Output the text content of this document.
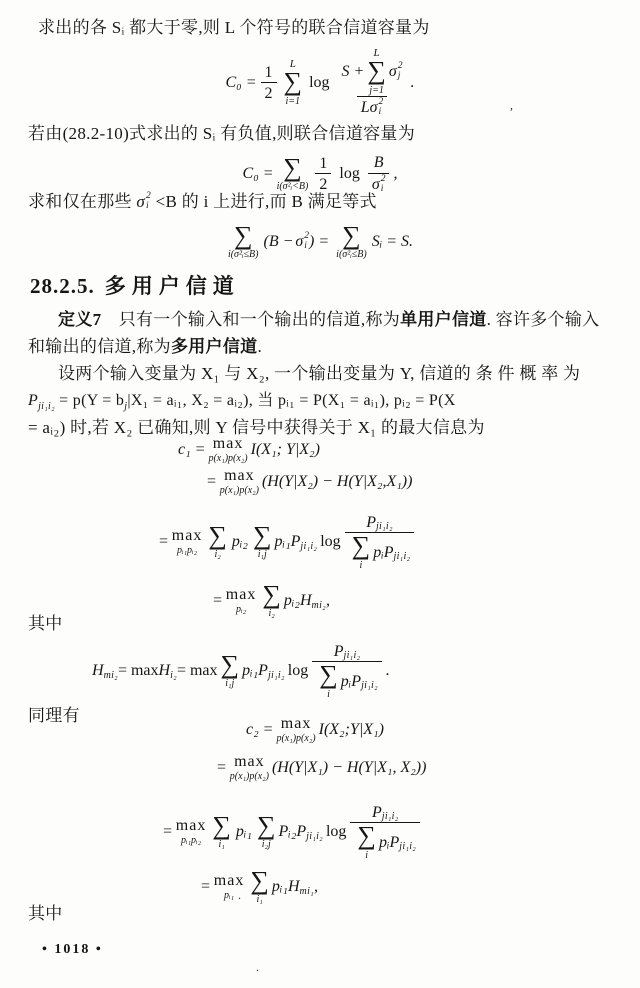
求出的各 Sᵢ 都大于零,则 L 个符号的联合信道容量为
$C_0 = \frac{1}{2}$ L
∑
i=1
log
S +
L
∑
j=1
σ 2
j
L σ 2
i
.
,
若由(28.2-10)式求出的 Sᵢ 有负值,则联合信道容量为
C₀ = ∑
i(σ²ᵢ<B) $\frac{1}{2}$ log B
σ 2
i ,
求和仅在那些 σ 2
i <B 的 i 上进行,而 B 满足等式
∑
i(σ²ᵢ≤B)
(B − σ 2
i ) = ∑
i(σ²ᵢ≤B)
Sᵢ = S.
28.2.5. 多用户信道
定义7　只有一个输入和一个输出的信道,称为单用户信道. 容许多个输入
和输出的信道,称为多用户信道.
设两个输入变量为 X₁ 与 X₂, 一个输出变量为 Y, 信道的 条 件 概 率 为
$P_{ji_1i_2} = p(Y = b_j|X_1$ = aᵢ₁, X₂ = aᵢ₂), 当 pᵢ₁ = P(X₁ = aᵢ₁), pᵢ₂ = P(X
= aᵢ₂) 时,若 X₂ 已确知,则 Y 信号中获得关于 X₁ 的最大信息为
c₁ = max
p(x₁)p(x₂)
I(X₁; Y|X₂)
= max
p(x₁)p(x₂)
(H(Y|X₂) − H(Y|X₂,X₁))
= max
pᵢ₁pᵢ₂
∑
i₂
pᵢ₂ ∑
i₁j
pᵢ₁P ji₁i₂ log P ji₁i₂
∑
i
pᵢP ji₁i₂
= max
pᵢ₂
∑
i₂
pᵢ₂H mi₂ ,
其中
H mi₂ = max H i₂ = max ∑
i₁j
pᵢ₁P ji₁i₂ log P ji₁i₂
∑
i
pᵢP ji₁i₂ .
同理有
c₂ = max
p(x₁)p(x₂)
I(X₂;Y|X₁)
= max
p(x₁)p(x₂)
(H(Y|X₁) − H(Y|X₁, X₂))
= max
pᵢ₁pᵢ₂
∑
i₁
pᵢ₁ ∑
i₂j
Pᵢ₂P ji₁i₂ log P ji₁i₂
∑
i
pᵢP ji₁i₂
= max
pᵢ₁
∑
i₁
pᵢ₁H mi₁ ,
其中
.
.
• 1018 •
